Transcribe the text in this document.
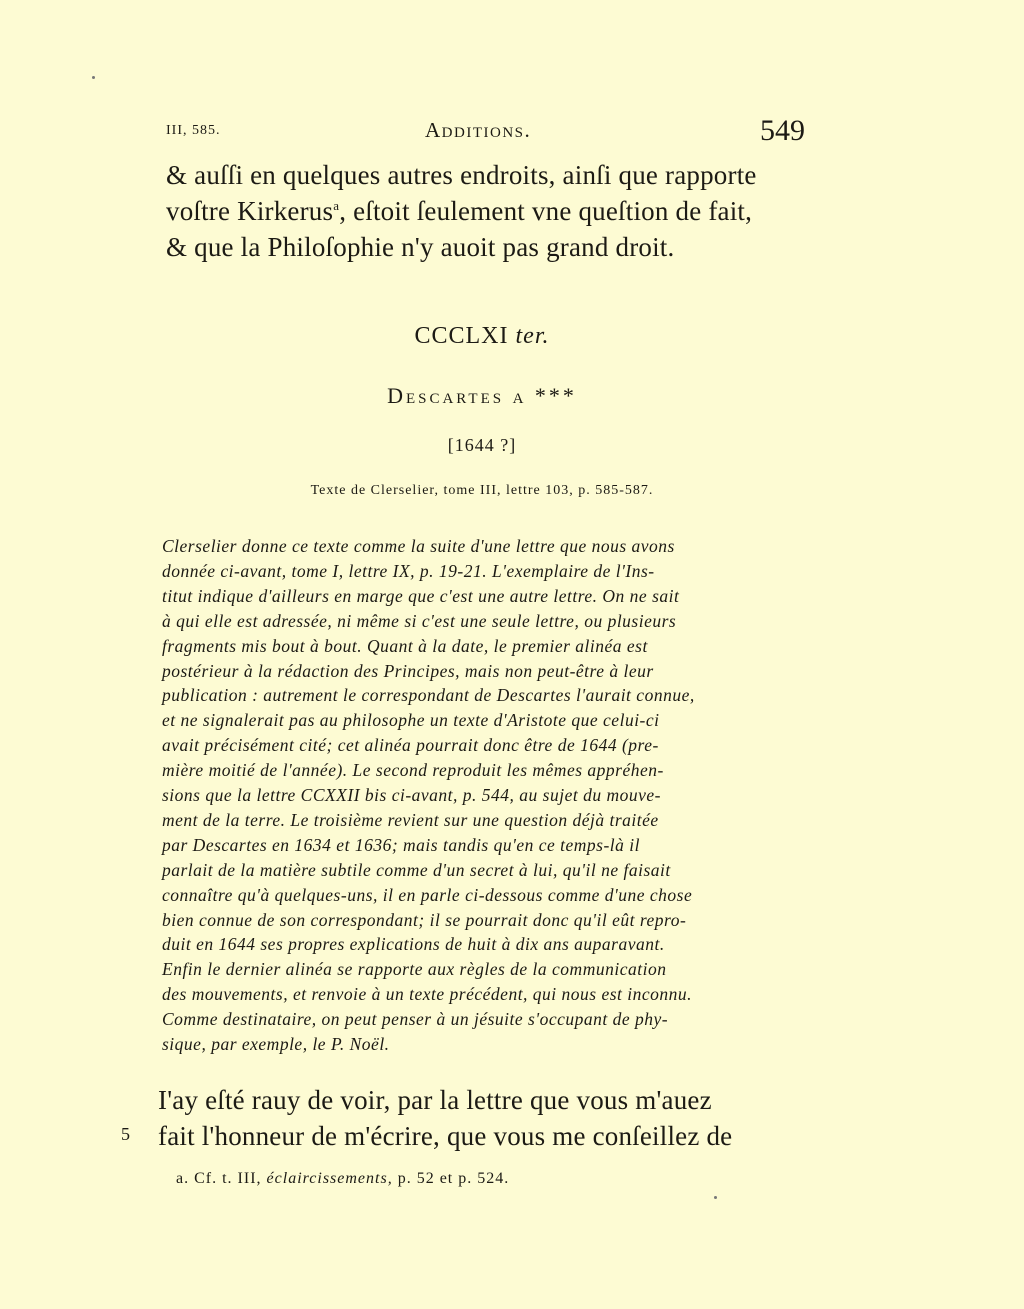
III, 585.	Additions.	549
& auſſi en quelques autres endroits, ainſi que rapporte
voſtre Kirkerus$^a$, eſtoit ſeulement vne queſtion de fait,
& que la Philoſophie n'y auoit pas grand droit.
CCCLXI ter.
Descartes a ***
[1644 ?]
Texte de Clerselier, tome III, lettre 103, p. 585-587.
Clerselier donne ce texte comme la suite d'une lettre que nous avons
donnée ci-avant, tome I, lettre IX, p. 19-21. L'exemplaire de l'Ins-
titut indique d'ailleurs en marge que c'est une autre lettre. On ne sait
à qui elle est adressée, ni même si c'est une seule lettre, ou plusieurs
fragments mis bout à bout. Quant à la date, le premier alinéa est
postérieur à la rédaction des Principes, mais non peut-être à leur
publication : autrement le correspondant de Descartes l'aurait connue,
et ne signalerait pas au philosophe un texte d'Aristote que celui-ci
avait précisément cité; cet alinéa pourrait donc être de 1644 (pre-
mière moitié de l'année). Le second reproduit les mêmes appréhen-
sions que la lettre CCXXII bis ci-avant, p. 544, au sujet du mouve-
ment de la terre. Le troisième revient sur une question déjà traitée
par Descartes en 1634 et 1636; mais tandis qu'en ce temps-là il
parlait de la matière subtile comme d'un secret à lui, qu'il ne faisait
connaître qu'à quelques-uns, il en parle ci-dessous comme d'une chose
bien connue de son correspondant; il se pourrait donc qu'il eût repro-
duit en 1644 ses propres explications de huit à dix ans auparavant.
Enfin le dernier alinéa se rapporte aux règles de la communication
des mouvements, et renvoie à un texte précédent, qui nous est inconnu.
Comme destinataire, on peut penser à un jésuite s'occupant de phy-
sique, par exemple, le P. Noël.
I'ay eſté rauy de voir, par la lettre que vous m'auez
fait l'honneur de m'écrire, que vous me conſeillez de
5
a. Cf. t. III, éclaircissements, p. 52 et p. 524.
